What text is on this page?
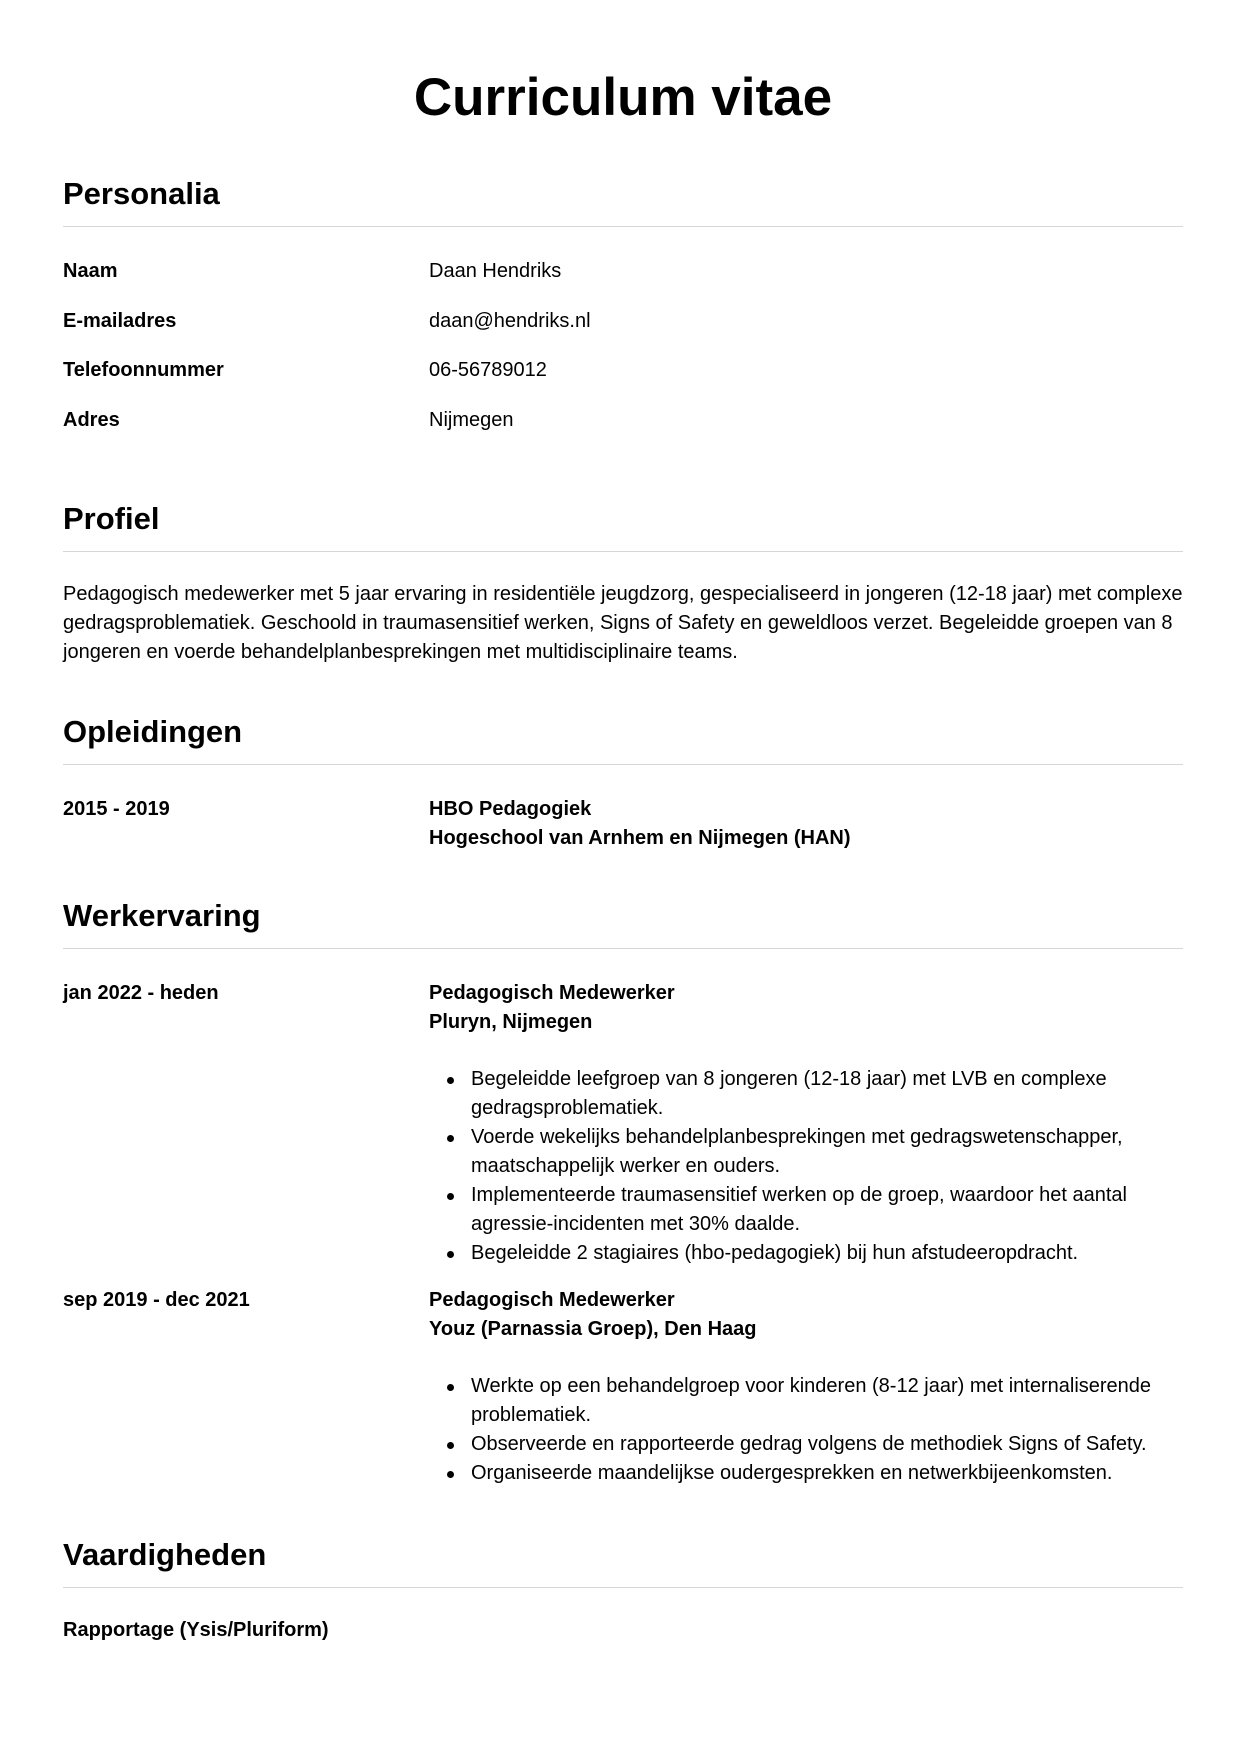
Curriculum vitae
Personalia
Naam	Daan Hendriks
E-mailadres	daan@hendriks.nl
Telefoonnummer	06-56789012
Adres	Nijmegen
Profiel

Pedagogisch medewerker met 5 jaar ervaring in residentiële jeugdzorg, gespecialiseerd in jongeren (12-18 jaar) met complexe gedragsproblematiek. Geschoold in traumasensitief werken, Signs of Safety en geweldloos verzet. Begeleidde groepen van 8 jongeren en voerde behandelplanbesprekingen met multidisciplinaire teams.

Opleidingen
2015 - 2019	HBO Pedagogiek
Hogeschool van Arnhem en Nijmegen (HAN)
Werkervaring
jan 2022 - heden	Pedagogisch Medewerker
Pluryn, Nijmegen
Begeleidde leefgroep van 8 jongeren (12-18 jaar) met LVB en complexe gedragsproblematiek.
Voerde wekelijks behandelplanbesprekingen met gedragswetenschapper, maatschappelijk werker en ouders.
Implementeerde traumasensitief werken op de groep, waardoor het aantal agressie-incidenten met 30% daalde.
Begeleidde 2 stagiaires (hbo-pedagogiek) bij hun afstudeeropdracht.
sep 2019 - dec 2021	Pedagogisch Medewerker
Youz (Parnassia Groep), Den Haag
Werkte op een behandelgroep voor kinderen (8-12 jaar) met internaliserende problematiek.
Observeerde en rapporteerde gedrag volgens de methodiek Signs of Safety.
Organiseerde maandelijkse oudergesprekken en netwerkbijeenkomsten.
Vaardigheden
Rapportage (Ysis/Pluriform)
